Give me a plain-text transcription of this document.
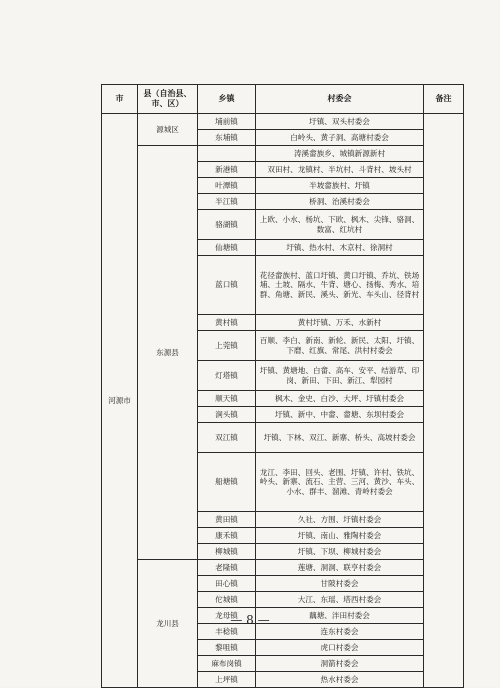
市	县（自治县、市、区）	乡镇	村委会	备注
河源市	源城区	埔前镇	圩镇、双头村委会	
		东埔镇	白岭头、黄子洞、高塘村委会	
	东源县		涛溪畲族乡、城镇新源新村	
		新港镇	双田村、龙镇村、半坑村、斗背村、坡头村	
		叶潭镇	半坡畲族村、圩镇	
		半江镇	桥洞、治溪村委会	
		骆湖镇	上欧、小水、杨坑、下欧、枫木、尖锋、骆洞、数富、红坑村	
		仙塘镇	圩镇、热水村、木京村、徐洞村	
		蓝口镇	花径畲族村、蓝口圩镇、黄口圩镇、乔坑、铁场埔、土坡、隔水、牛背、塘心、扬梅、秀水、培群、角塘、新民、溪头、新光、车头山、径背村	
		黄村镇	黄村圩镇、万禾、水新村	
		上莞镇	百顺、李白、新南、新轮、新民、太阳、圩镇、下磨、红旗、常尾、洪村村委会	
		灯塔镇	圩镇、黄塘地、白畲、高车、安平、结游草、印岗、新田、下田、新江、犁园村	
		顺天镇	枫木、金史、白沙、大坪、圩镇村委会	
		涧头镇	圩镇、新中、中畲、畲塘、东坝村委会	
		双江镇	圩镇、下林、双江、新寨、桥头、高坡村委会	
		船塘镇	龙江、李田、回头、老围、圩镇、许村、铁坑、岭头、新寨、流石、主营、三河、黄沙、车头、小水、群丰、溜滩、青岭村委会	
		黄田镇	久社、方围、圩镇村委会	
		康禾镇	圩镇、南山、雅陶村委会	
		柳城镇	圩镇、下坝、柳城村委会	
	龙川县	老隆镇	莲塘、洞洞、联亨村委会	
		田心镇	甘陂村委会	
		佗城镇	大江、东瑶、塔西村委会	
		龙母镇	藕塘、泮田村委会	
		丰稔镇	连东村委会	
		黎咀镇	虎口村委会	
		麻布岗镇	洞箭村委会	
		上坪镇	热水村委会	
— 8 —
